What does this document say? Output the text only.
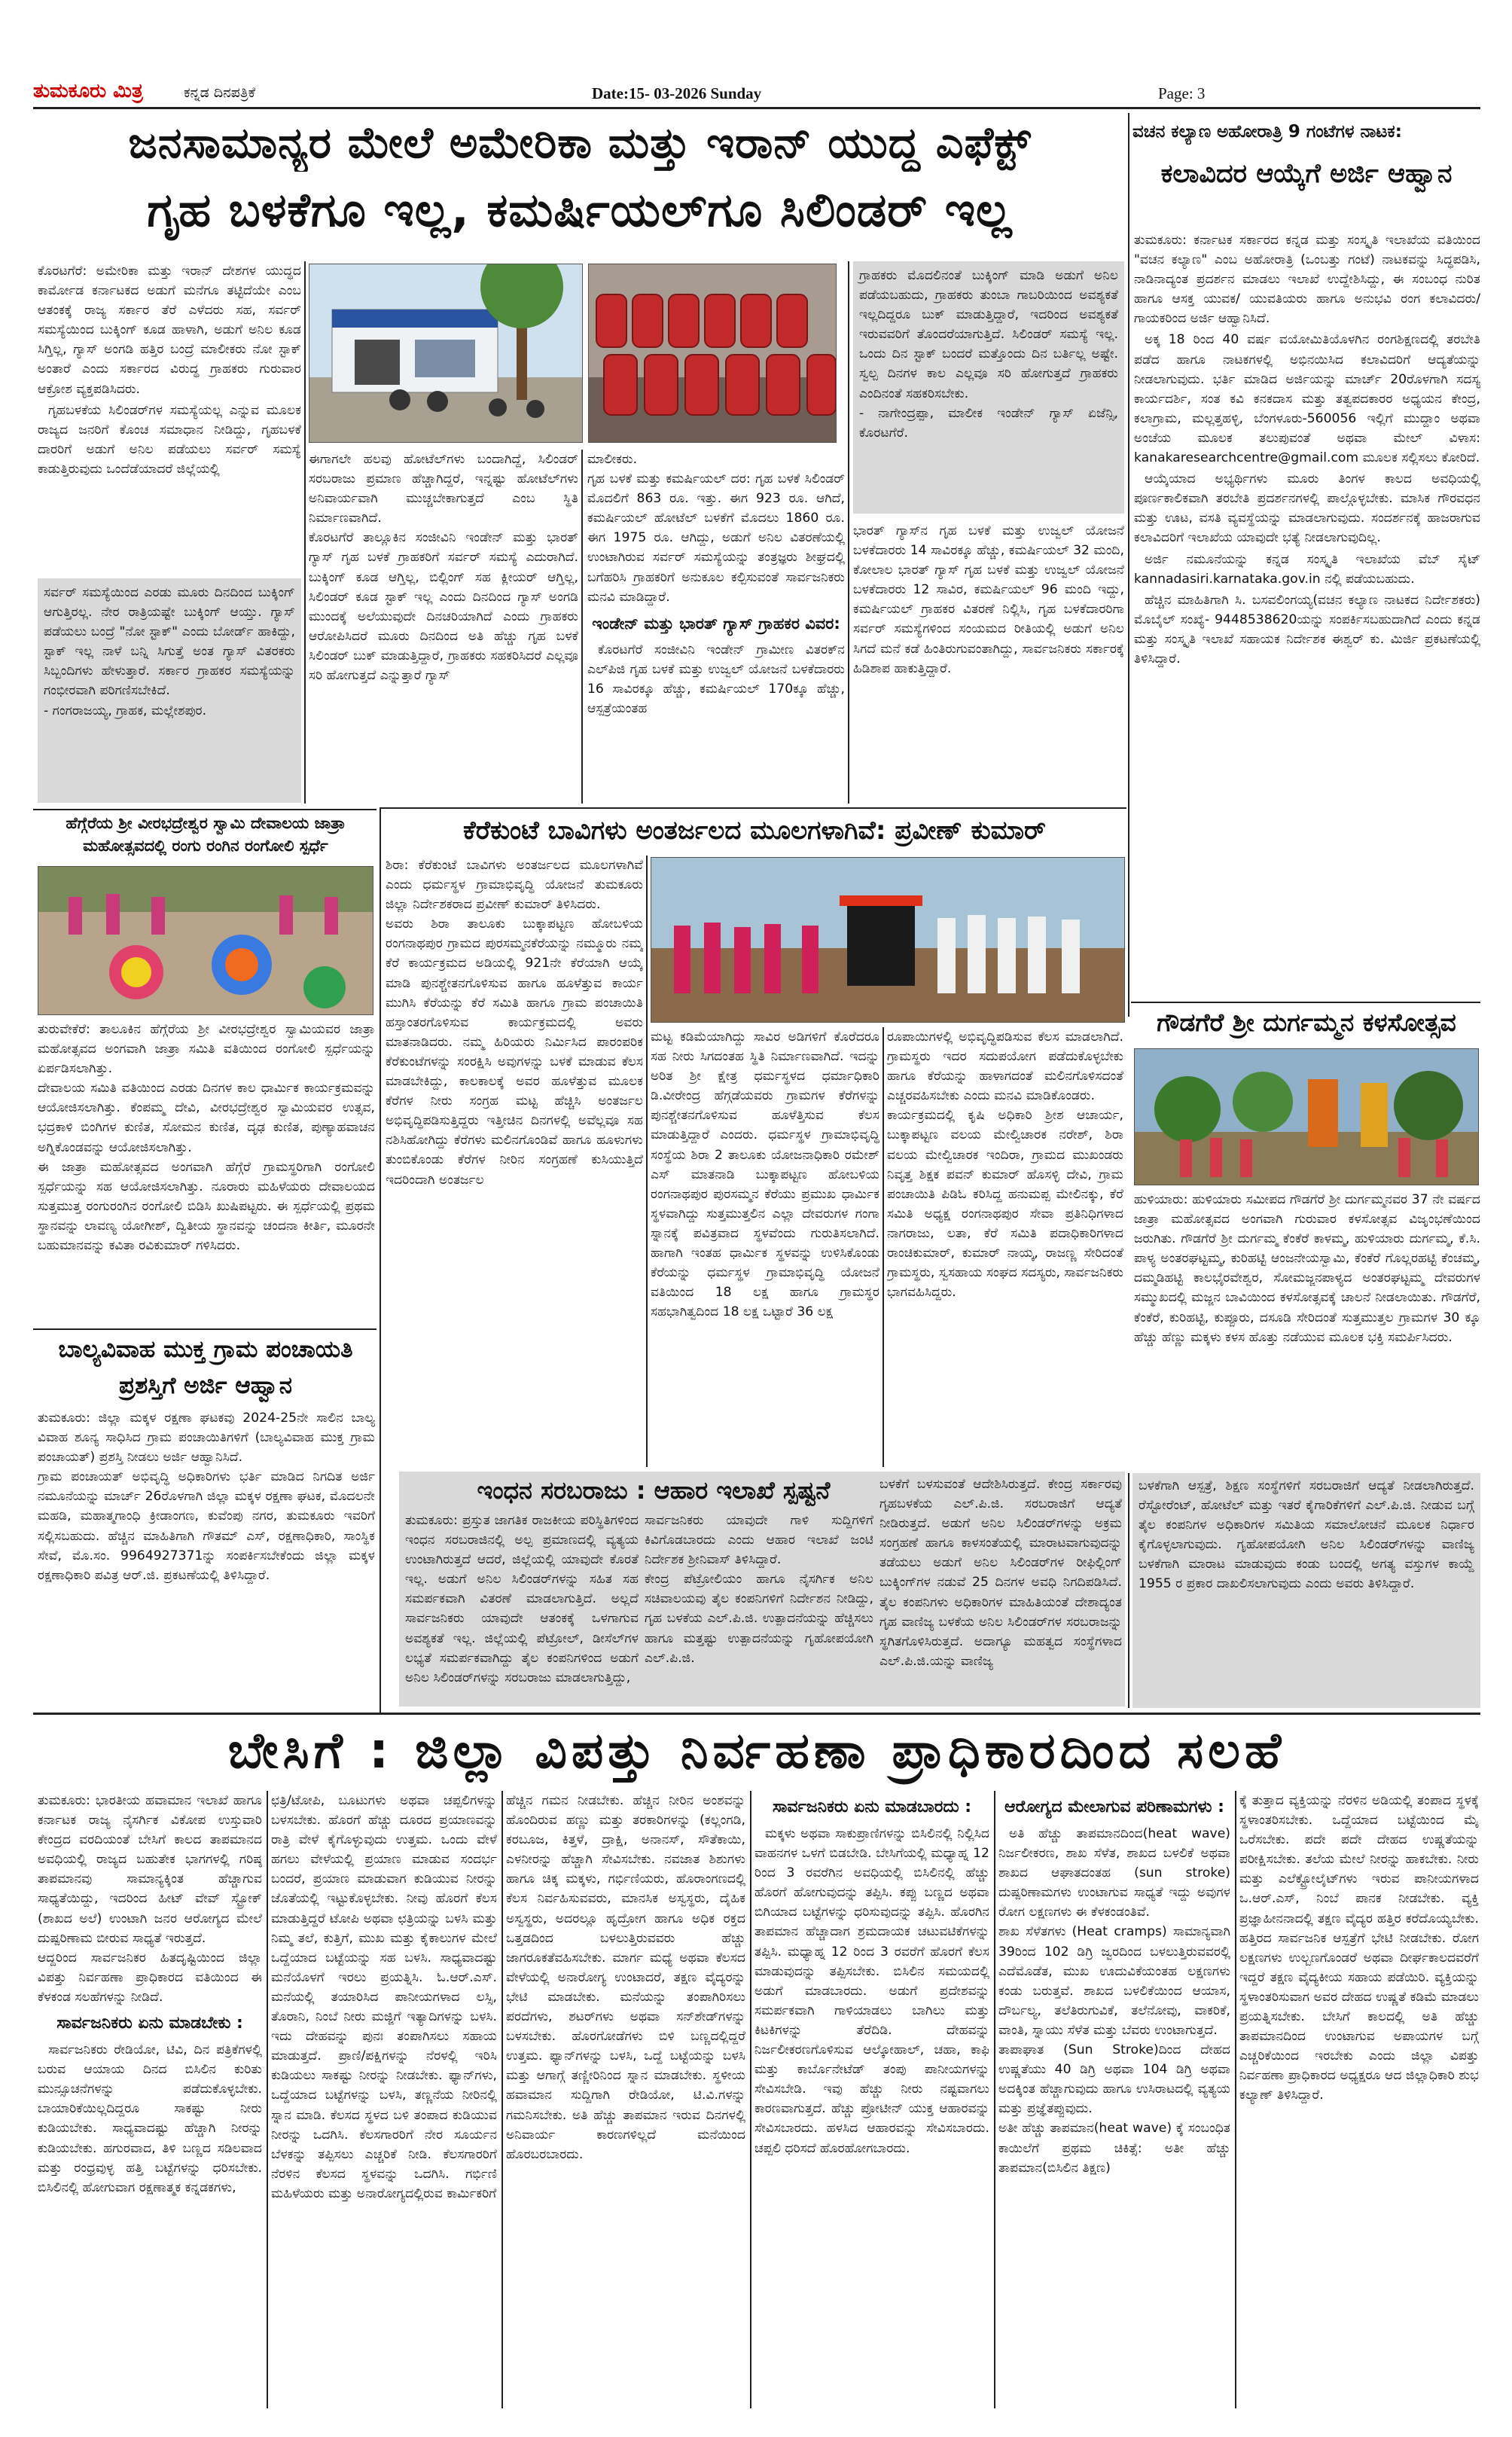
ತುಮಕೂರು ಮಿತ್ರ	ಕನ್ನಡ ದಿನಪತ್ರಿಕೆ	Date:15- 03-2026 Sunday	Page: 3
ಜನಸಾಮಾನ್ಯರ ಮೇಲೆ ಅಮೇರಿಕಾ ಮತ್ತು ಇರಾನ್ ಯುದ್ಧ ಎಫೆಕ್ಟ್
ಗೃಹ ಬಳಕೆಗೂ ಇಲ್ಲ, ಕಮರ್ಷಿಯಲ್‌ಗೂ ಸಿಲಿಂಡರ್ ಇಲ್ಲ

ಕೊರಟಗೆರೆ: ಅಮೇರಿಕಾ ಮತ್ತು ಇರಾನ್ ದೇಶಗಳ ಯುದ್ಧದ ಕಾರ್ಮೋಡ ಕರ್ನಾಟಕದ ಅಡುಗೆ ಮನೆಗೂ ತಟ್ಟಿದೆಯೇ ಎಂಬ ಆತಂಕಕ್ಕೆ ರಾಜ್ಯ ಸರ್ಕಾರ ತೆರೆ ಎಳೆದರು ಸಹ, ಸರ್ವರ್ ಸಮಸ್ಯೆಯಿಂದ ಬುಕ್ಕಿಂಗ್ ಕೂಡ ಹಾಳಾಗಿ, ಅಡುಗೆ ಅನಿಲ ಕೂಡ ಸಿಗ್ತಿಲ್ಲ, ಗ್ಯಾಸ್ ಅಂಗಡಿ ಹತ್ತಿರ ಬಂದ್ರೆ ಮಾಲೀಕರು ನೋ ಸ್ಟಾಕ್ ಅಂತಾರೆ ಎಂದು ಸರ್ಕಾರದ ವಿರುದ್ಧ ಗ್ರಾಹಕರು ಗುರುವಾರ ಆಕ್ರೋಶ ವ್ಯಕ್ತಪಡಿಸಿದರು.

ಗೃಹಬಳಕೆಯ ಸಿಲಿಂಡರ್‌ಗಳ ಸಮಸ್ಯೆಯಲ್ಲ ಎನ್ನುವ ಮೂಲಕ ರಾಜ್ಯದ ಜನರಿಗೆ ಕೊಂಚ ಸಮಾಧಾನ ನೀಡಿದ್ದು, ಗೃಹಬಳಕೆ ದಾರರಿಗೆ ಅಡುಗೆ ಅನಿಲ ಪಡೆಯಲು ಸರ್ವರ್ ಸಮಸ್ಯೆ ಕಾಡುತ್ತಿರುವುದು ಒಂದೆಡೆಯಾದರೆ ಜಿಲ್ಲೆಯಲ್ಲಿ

ಸರ್ವರ್ ಸಮಸ್ಯೆಯಿಂದ ಎರಡು ಮೂರು ದಿನದಿಂದ ಬುಕ್ಕಿಂಗ್ ಆಗುತ್ತಿರಲ್ಲ. ನೇರ ರಾತ್ರಿಯಷ್ಟೇ ಬುಕ್ಕಿಂಗ್ ಆಯ್ತು. ಗ್ಯಾಸ್ ಪಡೆಯಲು ಬಂದ್ರೆ "ನೋ ಸ್ಟಾಕ್" ಎಂದು ಬೋರ್ಡ್ ಹಾಕಿದ್ದು, ಸ್ಟಾಕ್ ಇಲ್ಲ ನಾಳೆ ಬನ್ನಿ ಸಿಗುತ್ತೆ ಅಂತ ಗ್ಯಾಸ್ ವಿತರಕರು ಸಿಬ್ಬಂದಿಗಳು ಹೇಳುತ್ತಾರೆ. ಸರ್ಕಾರ ಗ್ರಾಹಕರ ಸಮಸ್ಯೆಯನ್ನು ಗಂಭೀರವಾಗಿ ಪರಿಗಣಿಸಬೇಕಿದೆ.
- ಗಂಗರಾಜಯ್ಯ, ಗ್ರಾಹಕ, ಮಲ್ಲೇಶಪುರ.
ಈಗಾಗಲೇ ಹಲವು ಹೋಟೆಲ್‌ಗಳು ಬಂದಾಗಿದ್ದೆ, ಸಿಲಿಂಡರ್ ಸರಬರಾಜು ಪ್ರಮಾಣ ಹೆಚ್ಚಾಗಿದ್ದರೆ, ಇನ್ನಷ್ಟು ಹೋಟೆಲ್‌ಗಳು ಅನಿವಾರ್ಯವಾಗಿ ಮುಚ್ಚಬೇಕಾಗುತ್ತದೆ ಎಂಬ ಸ್ಥಿತಿ ನಿರ್ಮಾಣವಾಗಿದೆ.
ಕೊರಟಗೆರೆ ತಾಲ್ಲೂಕಿನ ಸಂಜೀವಿನಿ ಇಂಡೇನ್ ಮತ್ತು ಭಾರತ್ ಗ್ಯಾಸ್ ಗೃಹ ಬಳಕೆ ಗ್ರಾಹಕರಿಗೆ ಸರ್ವರ್ ಸಮಸ್ಯೆ ಎದುರಾಗಿದೆ. ಬುಕ್ಕಿಂಗ್ ಕೂಡ ಆಗ್ತಿಲ್ಲ, ಬಿಲ್ಲಿಂಗ್ ಸಹ ಕ್ಲೀಯರ್ ಆಗ್ತಿಲ್ಲ, ಸಿಲಿಂಡರ್ ಕೂಡ ಸ್ಟಾಕ್ ಇಲ್ಲ ಎಂದು ದಿನದಿಂದ ಗ್ಯಾಸ್ ಅಂಗಡಿ ಮುಂದಕ್ಕೆ ಅಲೆಯುವುದೇ ದಿನಚರಿಯಾಗಿದೆ ಎಂದು ಗ್ರಾಹಕರು ಆರೋಪಿಸಿದರೆ ಮೂರು ದಿನದಿಂದ ಅತಿ ಹೆಚ್ಚು ಗೃಹ ಬಳಕೆ ಸಿಲಿಂಡರ್ ಬುಕ್ ಮಾಡುತ್ತಿದ್ದಾರೆ, ಗ್ರಾಹಕರು ಸಹಕರಿಸಿದರೆ ಎಲ್ಲವೂ ಸರಿ ಹೋಗುತ್ತದೆ ಎನ್ನುತ್ತಾರೆ ಗ್ಯಾಸ್

ಮಾಲೀಕರು.
ಗೃಹ ಬಳಕೆ ಮತ್ತು ಕಮರ್ಷಿಯಲ್ ದರ: ಗೃಹ ಬಳಕೆ ಸಿಲಿಂಡರ್ ಮೊದಲಿಗೆ 863 ರೂ. ಇತ್ತು. ಈಗ 923 ರೂ. ಆಗಿದೆ, ಕಮರ್ಷಿಯಲ್ ಹೋಟೆಲ್ ಬಳಕೆಗೆ ಮೊದಲು 1860 ರೂ. ಈಗ 1975 ರೂ. ಆಗಿದ್ದು, ಅಡುಗೆ ಅನಿಲ ವಿತರಣೆಯಲ್ಲಿ ಉಂಟಾಗಿರುವ ಸರ್ವರ್ ಸಮಸ್ಯೆಯನ್ನು ತಂತ್ರಜ್ಞರು ಶೀಘ್ರದಲ್ಲಿ ಬಗೆಹರಿಸಿ ಗ್ರಾಹಕರಿಗೆ ಅನುಕೂಲ ಕಲ್ಪಿಸುವಂತೆ ಸಾರ್ವಜನಿಕರು ಮನವಿ ಮಾಡಿದ್ದಾರೆ.

ಇಂಡೇನ್ ಮತ್ತು ಭಾರತ್ ಗ್ಯಾಸ್ ಗ್ರಾಹಕರ ವಿವರ:

ಕೊರಟಗೆರೆ ಸಂಜೀವಿನಿ ಇಂಡೇನ್ ಗ್ರಾಮೀಣ ವಿತರಕ್‌ನ ಎಲ್‌ಪಿಜಿ ಗೃಹ ಬಳಕೆ ಮತ್ತು ಉಜ್ವಲ್ ಯೋಜನೆ ಬಳಕೆದಾರರು 16 ಸಾವಿರಕ್ಕೂ ಹೆಚ್ಚು, ಕಮರ್ಷಿಯಲ್ 170ಕ್ಕೂ ಹೆಚ್ಚು, ಆಸ್ಪತ್ರೆಯಂತಹ

ಗ್ರಾಹಕರು ಮೊದಲಿನಂತೆ ಬುಕ್ಕಿಂಗ್ ಮಾಡಿ ಅಡುಗೆ ಅನಿಲ ಪಡೆಯಬಹುದು, ಗ್ರಾಹಕರು ತುಂಬಾ ಗಾಬರಿಯಿಂದ ಅವಶ್ಯಕತೆ ಇಲ್ಲದಿದ್ದರೂ ಬುಕ್ ಮಾಡುತ್ತಿದ್ದಾರೆ, ಇದರಿಂದ ಅವಶ್ಯಕತೆ ಇರುವವರಿಗೆ ತೊಂದರೆಯಾಗುತ್ತಿದೆ. ಸಿಲಿಂಡರ್ ಸಮಸ್ಯೆ ಇಲ್ಲ. ಒಂದು ದಿನ ಸ್ಟಾಕ್ ಬಂದರೆ ಮತ್ತೊಂದು ದಿನ ಬರ್ತಿಲ್ಲ ಅಷ್ಟೇ. ಸ್ವಲ್ಪ ದಿನಗಳ ಕಾಲ ಎಲ್ಲವೂ ಸರಿ ಹೋಗುತ್ತದೆ ಗ್ರಾಹಕರು ಎಂದಿನಂತೆ ಸಹಕರಿಸಬೇಕು.
- ನಾಗೇಂದ್ರಪ್ಪಾ, ಮಾಲೀಕ ಇಂಡೇನ್ ಗ್ಯಾಸ್ ಏಜೆನ್ಸಿ, ಕೊರಟಗೆರೆ.
ಭಾರತ್ ಗ್ಯಾಸ್‌ನ ಗೃಹ ಬಳಕೆ ಮತ್ತು ಉಜ್ವಲ್ ಯೋಜನೆ ಬಳಕೆದಾರರು 14 ಸಾವಿರಕ್ಕೂ ಹೆಚ್ಚು, ಕಮರ್ಷಿಯಲ್ 32 ಮಂದಿ, ಕೋಲಾಲ ಭಾರತ್ ಗ್ಯಾಸ್ ಗೃಹ ಬಳಕೆ ಮತ್ತು ಉಜ್ವಲ್ ಯೋಜನೆ ಬಳಕೆದಾರರು 12 ಸಾವಿರ, ಕಮರ್ಷಿಯಲ್ 96 ಮಂದಿ ಇದ್ದು, ಕಮರ್ಷಿಯಲ್ ಗ್ರಾಹಕರ ವಿತರಣೆ ನಿಲ್ಲಿಸಿ, ಗೃಹ ಬಳಕೆದಾರರಿಗಾ ಸರ್ವರ್ ಸಮಸ್ಯೆಗಳಿಂದ ಸಂಯಮದ ರೀತಿಯಲ್ಲಿ ಅಡುಗೆ ಅನಿಲ ಸಿಗದೆ ಮನೆ ಕಡೆ ಹಿಂತಿರುಗುವಂತಾಗಿದ್ದು, ಸಾರ್ವಜನಿಕರು ಸರ್ಕಾರಕ್ಕೆ ಹಿಡಿಶಾಪ ಹಾಕುತ್ತಿದ್ದಾರೆ.
ವಚನ ಕಲ್ಯಾಣ ಅಹೋರಾತ್ರಿ 9 ಗಂಟೆಗಳ ನಾಟಕ:
ಕಲಾವಿದರ ಆಯ್ಕೆಗೆ ಅರ್ಜಿ ಆಹ್ವಾನ

ತುಮಕೂರು: ಕರ್ನಾಟಕ ಸರ್ಕಾರದ ಕನ್ನಡ ಮತ್ತು ಸಂಸ್ಕೃತಿ ಇಲಾಖೆಯ ವತಿಯಿಂದ "ವಚನ ಕಲ್ಯಾಣ" ಎಂಬ ಅಹೋರಾತ್ರಿ (ಒಂಬತ್ತು ಗಂಟೆ) ನಾಟಕವನ್ನು ಸಿದ್ಧಪಡಿಸಿ, ನಾಡಿನಾದ್ಯಂತ ಪ್ರದರ್ಶನ ಮಾಡಲು ಇಲಾಖೆ ಉದ್ದೇಶಿಸಿದ್ದು, ಈ ಸಂಬಂಧ ನುರಿತ ಹಾಗೂ ಆಸಕ್ತ ಯುವಕ/ ಯುವತಿಯರು ಹಾಗೂ ಅನುಭವಿ ರಂಗ ಕಲಾವಿದರು/ಗಾಯಕರಿಂದ ಅರ್ಜಿ ಆಹ್ವಾನಿಸಿದೆ.

ಅಕ್ಕ 18 ರಿಂದ 40 ವರ್ಷ ವಯೋಮಿತಿಯೊಳಗಿನ ರಂಗಶಿಕ್ಷಣದಲ್ಲಿ ತರಬೇತಿ ಪಡೆದ ಹಾಗೂ ನಾಟಕಗಳಲ್ಲಿ ಅಭಿನಯಿಸಿದ ಕಲಾವಿದರಿಗೆ ಆದ್ಯತೆಯನ್ನು ನೀಡಲಾಗುವುದು. ಭರ್ತಿ ಮಾಡಿದ ಅರ್ಜಿಯನ್ನು ಮಾರ್ಚ್ 20ರೊಳಗಾಗಿ ಸದಸ್ಯ ಕಾರ್ಯದರ್ಶಿ, ಸಂತ ಕವಿ ಕನಕದಾಸ ಮತ್ತು ತತ್ವಪದಕಾರರ ಅಧ್ಯಯನ ಕೇಂದ್ರ, ಕಲಾಗ್ರಾಮ, ಮಲ್ಲತ್ತಹಳ್ಳಿ, ಬೆಂಗಳೂರು-560056 ಇಲ್ಲಿಗೆ ಮುದ್ದಾಂ ಅಥವಾ ಅಂಚೆಯ ಮೂಲಕ ತಲುಪುವಂತೆ ಅಥವಾ ಮೇಲ್ ವಿಳಾಸ: kanakaresearchcentre@gmail.com ಮೂಲಕ ಸಲ್ಲಿಸಲು ಕೋರಿದೆ.

ಆಯ್ಕೆಯಾದ ಅಭ್ಯರ್ಥಿಗಳು ಮೂರು ತಿಂಗಳ ಕಾಲದ ಅವಧಿಯಲ್ಲಿ ಪೂರ್ಣಕಾಲಿಕವಾಗಿ ತರಬೇತಿ ಪ್ರದರ್ಶನಗಳಲ್ಲಿ ಪಾಲ್ಗೊಳ್ಳಬೇಕು. ಮಾಸಿಕ ಗೌರವಧನ ಮತ್ತು ಊಟ, ವಸತಿ ವ್ಯವಸ್ಥೆಯನ್ನು ಮಾಡಲಾಗುವುದು. ಸಂದರ್ಶನಕ್ಕೆ ಹಾಜರಾಗುವ ಕಲಾವಿದರಿಗೆ ಇಲಾಖೆಯ ಯಾವುದೇ ಭತ್ಯೆ ನೀಡಲಾಗುವುದಿಲ್ಲ.

ಅರ್ಜಿ ನಮೂನೆಯನ್ನು ಕನ್ನಡ ಸಂಸ್ಕೃತಿ ಇಲಾಖೆಯ ವೆಬ್ ಸೈಟ್ kannadasiri.karnataka.gov.in ನಲ್ಲಿ ಪಡೆಯಬಹುದು.

ಹೆಚ್ಚಿನ ಮಾಹಿತಿಗಾಗಿ ಸಿ. ಬಸವಲಿಂಗಯ್ಯ(ವಚನ ಕಲ್ಯಾಣ ನಾಟಕದ ನಿರ್ದೇಶಕರು) ಮೊಬೈಲ್ ಸಂಖ್ಯೆ- 9448538620ಯನ್ನು ಸಂಪರ್ಕಿಸಬಹುದಾಗಿದೆ ಎಂದು ಕನ್ನಡ ಮತ್ತು ಸಂಸ್ಕೃತಿ ಇಲಾಖೆ ಸಹಾಯಕ ನಿರ್ದೇಶಕ ಈಶ್ವರ್ ಕು. ಮಿರ್ಜಿ ಪ್ರಕಟಣೆಯಲ್ಲಿ ತಿಳಿಸಿದ್ದಾರೆ.

ಗೌಡಗೆರೆ ಶ್ರೀ ದುರ್ಗಮ್ಮನ ಕಳಸೋತ್ಸವ
ಹುಳಿಯಾರು: ಹುಳಿಯಾರು ಸಮೀಪದ ಗೌಡಗೆರೆ ಶ್ರೀ ದುರ್ಗಮ್ಮನವರ 37 ನೇ ವರ್ಷದ ಜಾತ್ರಾ ಮಹೋತ್ಸವದ ಅಂಗವಾಗಿ ಗುರುವಾರ ಕಳಸೋತ್ಸವ ವಿಜೃಂಭಣೆಯಿಂದ ಜರುಗಿತು. ಗೌಡಗೆರೆ ಶ್ರೀ ದುರ್ಗಮ್ಮ ಕೆಂಕೆರೆ ಕಾಳಮ್ಮ, ಹುಳಿಯಾರು ದುರ್ಗಮ್ಮ, ಕೆ.ಸಿ. ಪಾಳ್ಯ ಅಂತರಘಟ್ಟಮ್ಮ, ಕುರಿಹಟ್ಟಿ ಆಂಜನೇಯಸ್ವಾಮಿ, ಕೆಂಕೆರೆ ಗೊಲ್ಲರಹಟ್ಟಿ ಕೆಂಚಮ್ಮ, ದಮ್ಮಡಿಹಟ್ಟಿ ಕಾಲಭೈರವೇಶ್ವರ, ಸೋಮಜ್ಜನಪಾಳ್ಯದ ಅಂತರಘಟ್ಟಮ್ಮ ದೇವರುಗಳ ಸಮ್ಮುಖದಲ್ಲಿ ಮಜ್ಜನ ಬಾವಿಯಿಂದ ಕಳಸೋತ್ಸವಕ್ಕೆ ಚಾಲನೆ ನೀಡಲಾಯಿತು. ಗೌಡಗೆರೆ, ಕೆಂಕೆರೆ, ಕುರಿಹಟ್ಟಿ, ಕುಪ್ಪೂರು, ದಸೂಡಿ ಸೇರಿದಂತೆ ಸುತ್ತಮುತ್ತಲ ಗ್ರಾಮಗಳ 30 ಕ್ಕೂ ಹೆಚ್ಚು ಹೆಣ್ಣು ಮಕ್ಕಳು ಕಳಸ ಹೊತ್ತು ನಡೆಯುವ ಮೂಲಕ ಭಕ್ತಿ ಸಮರ್ಪಿಸಿದರು.
ಹೆಗ್ಗೆರೆಯ ಶ್ರೀ ವೀರಭದ್ರೇಶ್ವರ ಸ್ವಾಮಿ ದೇವಾಲಯ ಜಾತ್ರಾ ಮಹೋತ್ಸವದಲ್ಲಿ ರಂಗು ರಂಗಿನ ರಂಗೋಲಿ ಸ್ಪರ್ಧೆ
ತುರುವೇಕೆರೆ: ತಾಲೂಕಿನ ಹೆಗ್ಗೆರೆಯ ಶ್ರೀ ವೀರಭದ್ರೇಶ್ವರ ಸ್ವಾಮಿಯವರ ಜಾತ್ರಾ ಮಹೋತ್ಸವದ ಅಂಗವಾಗಿ ಜಾತ್ರಾ ಸಮಿತಿ ವತಿಯಿಂದ ರಂಗೋಲಿ ಸ್ಪರ್ಧೆಯನ್ನು ಏರ್ಪಡಿಸಲಾಗಿತ್ತು.
ದೇವಾಲಯ ಸಮಿತಿ ವತಿಯಿಂದ ಎರಡು ದಿನಗಳ ಕಾಲ ಧಾರ್ಮಿಕ ಕಾರ್ಯಕ್ರಮವನ್ನು ಆಯೋಜಿಸಲಾಗಿತ್ತು. ಕೆಂಪಮ್ಮ ದೇವಿ, ವೀರಭದ್ರೇಶ್ವರ ಸ್ವಾಮಿಯವರ ಉತ್ಸವ, ಭದ್ರಕಾಳಿ ಬಿಂಗಿಗಳ ಕುಣಿತ, ಸೋಮನ ಕುಣಿತ, ದೃಢ ಕುಣಿತ, ಪುಣ್ಯಾಹವಾಚನ ಅಗ್ನಿಕೊಂಡವನ್ನು ಆಯೋಜಿಸಲಾಗಿತ್ತು.
ಈ ಜಾತ್ರಾ ಮಹೋತ್ಸವದ ಅಂಗವಾಗಿ ಹೆಗ್ಗೆರೆ ಗ್ರಾಮಸ್ಥರಿಗಾಗಿ ರಂಗೋಲಿ ಸ್ಪರ್ಧೆಯನ್ನು ಸಹ ಆಯೋಜಿಸಲಾಗಿತ್ತು. ನೂರಾರು ಮಹಿಳೆಯರು ದೇವಾಲಯದ ಸುತ್ತಮುತ್ತ ರಂಗುರಂಗಿನ ರಂಗೋಲಿ ಬಿಡಿಸಿ ಖುಷಿಪಟ್ಟರು. ಈ ಸ್ಪರ್ಧೆಯಲ್ಲಿ ಪ್ರಥಮ ಸ್ಥಾನವನ್ನು ಲಾವಣ್ಯ ಯೋಗೀಶ್, ದ್ವಿತೀಯ ಸ್ಥಾನವನ್ನು ಚಂದನಾ ಕೀರ್ತಿ, ಮೂರನೇ ಬಹುಮಾನವನ್ನು ಕವಿತಾ ರವಿಕುಮಾರ್ ಗಳಿಸಿದರು.
ಬಾಲ್ಯವಿವಾಹ ಮುಕ್ತ ಗ್ರಾಮ ಪಂಚಾಯತಿ ಪ್ರಶಸ್ತಿಗೆ ಅರ್ಜಿ ಆಹ್ವಾನ
ತುಮಕೂರು: ಜಿಲ್ಲಾ ಮಕ್ಕಳ ರಕ್ಷಣಾ ಘಟಕವು 2024-25ನೇ ಸಾಲಿನ ಬಾಲ್ಯ ವಿವಾಹ ಶೂನ್ಯ ಸಾಧಿಸಿದ ಗ್ರಾಮ ಪಂಚಾಯಿತಿಗಳಿಗೆ (ಬಾಲ್ಯವಿವಾಹ ಮುಕ್ತ ಗ್ರಾಮ ಪಂಚಾಯತ್) ಪ್ರಶಸ್ತಿ ನೀಡಲು ಅರ್ಜಿ ಆಹ್ವಾನಿಸಿದೆ.
ಗ್ರಾಮ ಪಂಚಾಯತ್ ಅಭಿವೃದ್ಧಿ ಅಧಿಕಾರಿಗಳು ಭರ್ತಿ ಮಾಡಿದ ನಿಗದಿತ ಅರ್ಜಿ ನಮೂನೆಯನ್ನು ಮಾರ್ಚ್ 26ರೊಳಗಾಗಿ ಜಿಲ್ಲಾ ಮಕ್ಕಳ ರಕ್ಷಣಾ ಘಟಕ, ಮೊದಲನೇ ಮಹಡಿ, ಮಹಾತ್ಮಗಾಂಧಿ ಕ್ರೀಡಾಂಗಣ, ಕುವೆಂಪು ನಗರ, ತುಮಕೂರು ಇವರಿಗೆ ಸಲ್ಲಿಸಬಹುದು. ಹೆಚ್ಚಿನ ಮಾಹಿತಿಗಾಗಿ ಗೌತಮ್ ಎಸ್, ರಕ್ಷಣಾಧಿಕಾರಿ, ಸಾಂಸ್ಥಿಕ ಸೇವೆ, ಮೊ.ಸಂ. 9964927371ನ್ನು ಸಂಪರ್ಕಿಸಬೇಕೆಂದು ಜಿಲ್ಲಾ ಮಕ್ಕಳ ರಕ್ಷಣಾಧಿಕಾರಿ ಪವಿತ್ರ ಆರ್.ಜಿ. ಪ್ರಕಟಣೆಯಲ್ಲಿ ತಿಳಿಸಿದ್ದಾರೆ.
ಕೆರೆಕುಂಟೆ ಬಾವಿಗಳು ಅಂತರ್ಜಲದ ಮೂಲಗಳಾಗಿವೆ: ಪ್ರವೀಣ್ ಕುಮಾರ್
ಶಿರಾ: ಕೆರೆಕುಂಟೆ ಬಾವಿಗಳು ಅಂತರ್ಜಲದ ಮೂಲಗಳಾಗಿವೆ ಎಂದು ಧರ್ಮಸ್ಥಳ ಗ್ರಾಮಾಭಿವೃದ್ಧಿ ಯೋಜನೆ ತುಮಕೂರು ಜಿಲ್ಲಾ ನಿರ್ದೇಶಕರಾದ ಪ್ರವೀಣ್ ಕುಮಾರ್ ತಿಳಿಸಿದರು.
ಅವರು ಶಿರಾ ತಾಲೂಕು ಬುಕ್ಕಾಪಟ್ಟಣ ಹೋಬಳಿಯ ರಂಗನಾಥಪುರ ಗ್ರಾಮದ ಪುರಸಮ್ಮನಕೆರೆಯನ್ನು ನಮ್ಮೂರು ನಮ್ಮ ಕೆರೆ ಕಾರ್ಯಕ್ರಮದ ಅಡಿಯಲ್ಲಿ 921ನೇ ಕೆರೆಯಾಗಿ ಆಯ್ಕೆ ಮಾಡಿ ಪುನಶ್ಚೇತನಗೊಳಿಸುವ ಹಾಗೂ ಹೂಳೆತ್ತುವ ಕಾರ್ಯ ಮುಗಿಸಿ ಕೆರೆಯನ್ನು ಕೆರೆ ಸಮಿತಿ ಹಾಗೂ ಗ್ರಾಮ ಪಂಚಾಯಿತಿ ಹಸ್ತಾಂತರಗೊಳಿಸುವ ಕಾರ್ಯಕ್ರಮದಲ್ಲಿ ಅವರು ಮಾತನಾಡಿದರು. ನಮ್ಮ ಹಿರಿಯರು ನಿರ್ಮಿಸಿದ ಪಾರಂಪರಿಕ ಕೆರೆಕುಂಟೆಗಳನ್ನು ಸಂರಕ್ಷಿಸಿ ಅವುಗಳನ್ನು ಬಳಕೆ ಮಾಡುವ ಕೆಲಸ ಮಾಡಬೇಕಿದ್ದು, ಕಾಲಕಾಲಕ್ಕೆ ಅವರ ಹೂಳೆತ್ತುವ ಮೂಲಕ ಕೆರೆಗಳ ನೀರು ಸಂಗ್ರಹ ಮಟ್ಟ ಹೆಚ್ಚಿಸಿ ಅಂತರ್ಜಲ ಅಭಿವೃದ್ಧಿಪಡಿಸುತ್ತಿದ್ದರು ಇತ್ತೀಚಿನ ದಿನಗಳಲ್ಲಿ ಅವೆಲ್ಲವೂ ಸಹ ನಶಿಸಿಹೋಗಿದ್ದು ಕೆರೆಗಳು ಮಲಿನಗೊಂಡಿವೆ ಹಾಗೂ ಹೂಳುಗಳು ತುಂಬಿಕೊಂಡು ಕೆರೆಗಳ ನೀರಿನ ಸಂಗ್ರಹಣೆ ಕುಸಿಯುತ್ತಿದೆ ಇದರಿಂದಾಗಿ ಅಂತರ್ಜಲ
ಮಟ್ಟ ಕಡಿಮೆಯಾಗಿದ್ದು ಸಾವಿರ ಅಡಿಗಳಿಗೆ ಕೊರೆದರೂ ಸಹ ನೀರು ಸಿಗದಂತಹ ಸ್ಥಿತಿ ನಿರ್ಮಾಣವಾಗಿದೆ. ಇದನ್ನು ಅರಿತ ಶ್ರೀ ಕ್ಷೇತ್ರ ಧರ್ಮಸ್ಥಳದ ಧರ್ಮಾಧಿಕಾರಿ ಡಿ.ವೀರೇಂದ್ರ ಹೆಗ್ಗಡೆಯವರು ಗ್ರಾಮಗಳ ಕೆರೆಗಳನ್ನು ಪುನಶ್ಚೇತನಗೊಳಿಸುವ ಹೂಳೆತ್ತಿಸುವ ಕೆಲಸ ಮಾಡುತ್ತಿದ್ದಾರೆ ಎಂದರು. ಧರ್ಮಸ್ಥಳ ಗ್ರಾಮಾಭಿವೃದ್ಧಿ ಸಂಸ್ಥೆಯ ಶಿರಾ 2 ತಾಲೂಕು ಯೋಜನಾಧಿಕಾರಿ ರಮೇಶ್ ಎಸ್ ಮಾತನಾಡಿ ಬುಕ್ಕಾಪಟ್ಟಣ ಹೋಬಳಿಯ ರಂಗನಾಥಪುರ ಪುರಸಮ್ಮನ ಕೆರೆಯು ಪ್ರಮುಖ ಧಾರ್ಮಿಕ ಸ್ಥಳವಾಗಿದ್ದು ಸುತ್ತಮುತ್ತಲಿನ ಎಲ್ಲಾ ದೇವರುಗಳ ಗಂಗಾ ಸ್ನಾನಕ್ಕೆ ಪವಿತ್ರವಾದ ಸ್ಥಳವೆಂದು ಗುರುತಿಸಲಾಗಿದೆ. ಹಾಗಾಗಿ ಇಂತಹ ಧಾರ್ಮಿಕ ಸ್ಥಳವನ್ನು ಉಳಿಸಿಕೊಂಡು ಕೆರೆಯನ್ನು ಧರ್ಮಸ್ಥಳ ಗ್ರಾಮಾಭಿವೃದ್ಧಿ ಯೋಜನೆ ವತಿಯಿಂದ 18 ಲಕ್ಷ ಹಾಗೂ ಗ್ರಾಮಸ್ಥರ ಸಹಭಾಗಿತ್ವದಿಂದ 18 ಲಕ್ಷ ಒಟ್ಟಾರೆ 36 ಲಕ್ಷ
ರೂಪಾಯಿಗಳಲ್ಲಿ ಅಭಿವೃದ್ಧಿಪಡಿಸುವ ಕೆಲಸ ಮಾಡಲಾಗಿದೆ. ಗ್ರಾಮಸ್ಥರು ಇದರ ಸದುಪಯೋಗ ಪಡೆದುಕೊಳ್ಳಬೇಕು ಹಾಗೂ ಕೆರೆಯನ್ನು ಹಾಳಾಗದಂತೆ ಮಲಿನಗೊಳಿಸದಂತೆ ಎಚ್ಚರವಹಿಸಬೇಕು ಎಂದು ಮನವಿ ಮಾಡಿಕೊಂಡರು.
ಕಾರ್ಯಕ್ರಮದಲ್ಲಿ ಕೃಷಿ ಅಧಿಕಾರಿ ಶ್ರೀಶ ಆಚಾರ್ಯ, ಬುಕ್ಕಾಪಟ್ಟಣ ವಲಯ ಮೇಲ್ವಿಚಾರಕ ನರೇಶ್, ಶಿರಾ ವಲಯ ಮೇಲ್ವಿಚಾರಕ ಇಂದಿರಾ, ಗ್ರಾಮದ ಮುಖಂಡರು ನಿವೃತ್ತ ಶಿಕ್ಷಕ ಪವನ್ ಕುಮಾರ್ ಹೊಸಳ್ಳಿ ದೇವಿ, ಗ್ರಾಮ ಪಂಚಾಯಿತಿ ಪಿಡಿಓ ಕರಿಸಿದ್ದ ಹನುಮಪ್ಪ ಮೇಲಿನಕ್ಕು, ಕೆರೆ ಸಮಿತಿ ಅಧ್ಯಕ್ಷ ರಂಗನಾಥಪುರ ಸೇವಾ ಪ್ರತಿನಿಧಿಗಳಾದ ನಾಗರಾಜು, ಲತಾ, ಕೆರೆ ಸಮಿತಿ ಪದಾಧಿಕಾರಿಗಳಾದ ರಾಂಚಿಕುಮಾರ್, ಕುಮಾರ್ ನಾಯ್ಕ, ರಾಜಣ್ಣ ಸೇರಿದಂತೆ ಗ್ರಾಮಸ್ಥರು, ಸ್ವಸಹಾಯ ಸಂಘದ ಸದಸ್ಯರು, ಸಾರ್ವಜನಿಕರು ಭಾಗವಹಿಸಿದ್ದರು.
ಇಂಧನ ಸರಬರಾಜು : ಆಹಾರ ಇಲಾಖೆ ಸ್ಪಷ್ಟನೆ
ತುಮಕೂರು: ಪ್ರಸ್ತುತ ಜಾಗತಿಕ ರಾಜಕೀಯ ಪರಿಸ್ಥಿತಿಗಳಿಂದ ಇಂಧನ ಸರಬರಾಜಿನಲ್ಲಿ ಅಲ್ಪ ಪ್ರಮಾಣದಲ್ಲಿ ವ್ಯತ್ಯಯ ಉಂಟಾಗಿರುತ್ತದೆ ಆದರೆ, ಜಿಲ್ಲೆಯಲ್ಲಿ ಯಾವುದೇ ಕೊರತೆ ಇಲ್ಲ. ಅಡುಗೆ ಅನಿಲ ಸಿಲಿಂಡರ್‌ಗಳನ್ನು ಸಹಿತ ಸಹ ಸಮರ್ಪಕವಾಗಿ ವಿತರಣೆ ಮಾಡಲಾಗುತ್ತಿದೆ. ಅಲ್ಲದೆ ಸಾರ್ವಜನಿಕರು ಯಾವುದೇ ಆತಂಕಕ್ಕೆ ಒಳಗಾಗುವ ಅವಶ್ಯಕತೆ ಇಲ್ಲ. ಜಿಲ್ಲೆಯಲ್ಲಿ ಪೆಟ್ರೋಲ್, ಡೀಸೆಲ್‌ಗಳ ಲಭ್ಯತೆ ಸಮರ್ಪಕವಾಗಿದ್ದು ತೈಲ ಕಂಪನಿಗಳಿಂದ ಅಡುಗೆ ಅನಿಲ ಸಿಲಿಂಡರ್‌ಗಳನ್ನು ಸರಬರಾಜು ಮಾಡಲಾಗುತ್ತಿದ್ದು,
ಸಾರ್ವಜನಿಕರು ಯಾವುದೇ ಗಾಳಿ ಸುದ್ದಿಗಳಿಗೆ ಕಿವಿಗೊಡಬಾರದು ಎಂದು ಆಹಾರ ಇಲಾಖೆ ಜಂಟಿ ನಿರ್ದೇಶಕ ಶ್ರೀನಿವಾಸ್ ತಿಳಿಸಿದ್ದಾರೆ.
ಕೇಂದ್ರ ಪೆಟ್ರೋಲಿಯಂ ಹಾಗೂ ನೈಸರ್ಗಿಕ ಅನಿಲ ಸಚಿವಾಲಯವು ತೈಲ ಕಂಪನಿಗಳಿಗೆ ನಿರ್ದೇಶನ ನೀಡಿದ್ದು, ಗೃಹ ಬಳಕೆಯ ಎಲ್.ಪಿ.ಜಿ. ಉತ್ಪಾದನೆಯನ್ನು ಹೆಚ್ಚಿಸಲು ಹಾಗೂ ಮತ್ತಷ್ಟು ಉತ್ಪಾದನೆಯನ್ನು ಗೃಹೋಪಯೋಗಿ ಎಲ್.ಪಿ.ಜಿ.
ಬಳಕೆಗೆ ಬಳಸುವಂತೆ ಆದೇಶಿಸಿರುತ್ತದೆ. ಕೇಂದ್ರ ಸರ್ಕಾರವು ಗೃಹಬಳಕೆಯ ಎಲ್.ಪಿ.ಜಿ. ಸರಬರಾಜಿಗೆ ಆದ್ಯತೆ ನೀಡಿರುತ್ತದೆ. ಅಡುಗೆ ಅನಿಲ ಸಿಲಿಂಡರ್‌ಗಳನ್ನು ಅಕ್ರಮ ಸಂಗ್ರಹಣೆ ಹಾಗೂ ಕಾಳಸಂತೆಯಲ್ಲಿ ಮಾರಾಟವಾಗುವುದನ್ನು ತಡೆಯಲು ಅಡುಗೆ ಅನಿಲ ಸಿಲಿಂಡರ್‌ಗಳ ರೀಫಿಲ್ಲಿಂಗ್ ಬುಕ್ಕಿಂಗ್‌ಗಳ ನಡುವೆ 25 ದಿನಗಳ ಅವಧಿ ನಿಗದಿಪಡಿಸಿದೆ. ತೈಲ ಕಂಪನಿಗಳು ಅಧಿಕಾರಿಗಳ ಮಾಹಿತಿಯಂತೆ ದೇಶಾದ್ಯಂತ ಗೃಹ ವಾಣಿಜ್ಯ ಬಳಕೆಯ ಅನಿಲ ಸಿಲಿಂಡರ್‌ಗಳ ಸರಬರಾಜನ್ನು ಸ್ಥಗಿತಗೊಳಿಸಿರುತ್ತದೆ. ಅದಾಗ್ಯೂ ಮಹತ್ವದ ಸಂಸ್ಥೆಗಳಾದ ಎಲ್.ಪಿ.ಜಿ.ಯನ್ನು ವಾಣಿಜ್ಯ
ಬಳಕೆಗಾಗಿ ಆಸ್ಪತ್ರೆ, ಶಿಕ್ಷಣ ಸಂಸ್ಥೆಗಳಿಗೆ ಸರಬರಾಜಿಗೆ ಆದ್ಯತೆ ನೀಡಲಾಗಿರುತ್ತದೆ. ರೆಸ್ಟೋರೆಂಟ್, ಹೋಟೆಲ್ ಮತ್ತು ಇತರೆ ಕೈಗಾರಿಕೆಗಳಿಗೆ ಎಲ್.ಪಿ.ಜಿ. ನೀಡುವ ಬಗ್ಗೆ ತೈಲ ಕಂಪನಿಗಳ ಅಧಿಕಾರಿಗಳ ಸಮಿತಿಯ ಸಮಾಲೋಚನೆ ಮೂಲಕ ನಿರ್ಧಾರ ಕೈಗೊಳ್ಳಲಾಗುವುದು. ಗೃಹೋಪಯೋಗಿ ಅನಿಲ ಸಿಲಿಂಡರ್‌ಗಳನ್ನು ವಾಣಿಜ್ಯ ಬಳಕೆಗಾಗಿ ಮಾರಾಟ ಮಾಡುವುದು ಕಂಡು ಬಂದಲ್ಲಿ ಅಗತ್ಯ ವಸ್ತುಗಳ ಕಾಯ್ದೆ 1955 ರ ಪ್ರಕಾರ ದಾಖಲಿಸಲಾಗುವುದು ಎಂದು ಅವರು ತಿಳಿಸಿದ್ದಾರೆ.
ಬೇಸಿಗೆ : ಜಿಲ್ಲಾ ವಿಪತ್ತು ನಿರ್ವಹಣಾ ಪ್ರಾಧಿಕಾರದಿಂದ ಸಲಹೆ

ತುಮಕೂರು: ಭಾರತೀಯ ಹವಾಮಾನ ಇಲಾಖೆ ಹಾಗೂ ಕರ್ನಾಟಕ ರಾಜ್ಯ ನೈಸರ್ಗಿಕ ವಿಕೋಪ ಉಸ್ತುವಾರಿ ಕೇಂದ್ರದ ವರದಿಯಂತೆ ಬೇಸಿಗೆ ಕಾಲದ ತಾಪಮಾನದ ಅವಧಿಯಲ್ಲಿ ರಾಜ್ಯದ ಬಹುತೇಕ ಭಾಗಗಳಲ್ಲಿ ಗರಿಷ್ಠ ತಾಪಮಾನವು ಸಾಮಾನ್ಯಕ್ಕಿಂತ ಹೆಚ್ಚಾಗುವ ಸಾಧ್ಯತೆಯಿದ್ದು, ಇದರಿಂದ ಹೀಟ್ ವೇವ್ ಸ್ಟ್ರೋಕ್ (ಶಾಖದ ಅಲೆ) ಉಂಟಾಗಿ ಜನರ ಆರೋಗ್ಯದ ಮೇಲೆ ದುಷ್ಪರಿಣಾಮ ಬೀರುವ ಸಾಧ್ಯತೆ ಇರುತ್ತದೆ.
ಆದ್ದರಿಂದ ಸಾರ್ವಜನಿಕರ ಹಿತದೃಷ್ಟಿಯಿಂದ ಜಿಲ್ಲಾ ವಿಪತ್ತು ನಿರ್ವಹಣಾ ಪ್ರಾಧಿಕಾರದ ವತಿಯಿಂದ ಈ ಕೆಳಕಂಡ ಸಲಹೆಗಳನ್ನು ನೀಡಿದೆ.

ಸಾರ್ವಜನಿಕರು ಏನು ಮಾಡಬೇಕು :

ಸಾರ್ವಜನಿಕರು ರೇಡಿಯೋ, ಟಿವಿ, ದಿನ ಪತ್ರಿಕೆಗಳಲ್ಲಿ ಬರುವ ಆಯಾಯ ದಿನದ ಬಿಸಿಲಿನ ಕುರಿತು ಮುನ್ಸೂಚನೆಗಳನ್ನು ಪಡೆದುಕೊಳ್ಳಬೇಕು. ಬಾಯಾರಿಕೆಯಿಲ್ಲದಿದ್ದರೂ ಸಾಕಷ್ಟು ನೀರು ಕುಡಿಯಬೇಕು. ಸಾಧ್ಯವಾದಷ್ಟು ಹೆಚ್ಚಾಗಿ ನೀರನ್ನು ಕುಡಿಯಬೇಕು. ಹಗುರವಾದ, ತಿಳಿ ಬಣ್ಣದ ಸಡಿಲವಾದ ಮತ್ತು ರಂಧ್ರವುಳ್ಳ ಹತ್ತಿ ಬಟ್ಟೆಗಳನ್ನು ಧರಿಸಬೇಕು. ಬಿಸಿಲಿನಲ್ಲಿ ಹೋಗುವಾಗ ರಕ್ಷಣಾತ್ಮಕ ಕನ್ನಡಕಗಳು,

ಛತ್ರಿ/ಟೋಪಿ, ಬೂಟುಗಳು ಅಥವಾ ಚಪ್ಪಲಿಗಳನ್ನು ಬಳಸಬೇಕು. ಹೊರಗೆ ಹೆಚ್ಚು ದೂರದ ಪ್ರಯಾಣವನ್ನು ರಾತ್ರಿ ವೇಳೆ ಕೈಗೊಳ್ಳುವುದು ಉತ್ತಮ. ಒಂದು ವೇಳೆ ಹಗಲು ವೇಳೆಯಲ್ಲಿ ಪ್ರಯಾಣ ಮಾಡುವ ಸಂದರ್ಭ ಬಂದರೆ, ಪ್ರಯಾಣ ಮಾಡುವಾಗ ಕುಡಿಯುವ ನೀರನ್ನು ಜೊತೆಯಲ್ಲಿ ಇಟ್ಟುಕೊಳ್ಳಬೇಕು. ನೀವು ಹೊರಗೆ ಕೆಲಸ ಮಾಡುತ್ತಿದ್ದರೆ ಟೋಪಿ ಅಥವಾ ಛತ್ರಿಯನ್ನು ಬಳಸಿ ಮತ್ತು ನಿಮ್ಮ ತಲೆ, ಕುತ್ತಿಗೆ, ಮುಖ ಮತ್ತು ಕೈಕಾಲುಗಳ ಮೇಲೆ ಒದ್ದೆಯಾದ ಬಟ್ಟೆಯನ್ನು ಸಹ ಬಳಸಿ. ಸಾಧ್ಯವಾದಷ್ಟು ಮನೆಯೊಳಗೆ ಇರಲು ಪ್ರಯತ್ನಿಸಿ. ಓ.ಆರ್.ಎಸ್. ಮನೆಯಲ್ಲಿ ತಯಾರಿಸಿದ ಪಾನೀಯಗಳಾದ ಲಸ್ಸಿ, ತೊರಾನಿ, ನಿಂಬೆ ನೀರು ಮಜ್ಜಿಗೆ ಇತ್ಯಾದಿಗಳನ್ನು ಬಳಸಿ. ಇದು ದೇಹವನ್ನು ಪುನಃ ತಂಪಾಗಿಸಲು ಸಹಾಯ ಮಾಡುತ್ತದೆ. ಪ್ರಾಣಿ/ಪಕ್ಷಿಗಳನ್ನು ನೆರಳಲ್ಲಿ ಇರಿಸಿ ಕುಡಿಯಲು ಸಾಕಷ್ಟು ನೀರನ್ನು ನೀಡಬೇಕು. ಫ್ಯಾನ್‌ಗಳು, ಒದ್ದೆಯಾದ ಬಟ್ಟೆಗಳನ್ನು ಬಳಸಿ, ತಣ್ಣನೆಯ ನೀರಿನಲ್ಲಿ ಸ್ನಾನ ಮಾಡಿ. ಕೆಲಸದ ಸ್ಥಳದ ಬಳಿ ತಂಪಾದ ಕುಡಿಯುವ ನೀರನ್ನು ಒದಗಿಸಿ. ಕೆಲಸಗಾರರಿಗೆ ನೇರ ಸೂರ್ಯನ ಬೆಳಕನ್ನು ತಪ್ಪಿಸಲು ಎಚ್ಚರಿಕೆ ನೀಡಿ. ಕೆಲಸಗಾರರಿಗೆ ನೆರಳಿನ ಕೆಲಸದ ಸ್ಥಳವನ್ನು ಒದಗಿಸಿ. ಗರ್ಭಿಣಿ ಮಹಿಳೆಯರು ಮತ್ತು ಅನಾರೋಗ್ಯದಲ್ಲಿರುವ ಕಾರ್ಮಿಕರಿಗೆ
ಹೆಚ್ಚಿನ ಗಮನ ನೀಡಬೇಕು. ಹೆಚ್ಚಿನ ನೀರಿನ ಅಂಶವನ್ನು ಹೊಂದಿರುವ ಹಣ್ಣು ಮತ್ತು ತರಕಾರಿಗಳನ್ನು (ಕಲ್ಲಂಗಡಿ, ಕರಬೂಜ, ಕಿತ್ತಳೆ, ದ್ರಾಕ್ಷಿ, ಅನಾನಸ್, ಸೌತೆಕಾಯಿ, ಎಳನೀರನ್ನು ಹೆಚ್ಚಾಗಿ ಸೇವಿಸಬೇಕು. ನವಜಾತ ಶಿಶುಗಳು ಹಾಗೂ ಚಿಕ್ಕ ಮಕ್ಕಳು, ಗರ್ಭಿಣಿಯರು, ಹೊರಾಂಗಣದಲ್ಲಿ ಕೆಲಸ ನಿರ್ವಹಿಸುವವರು, ಮಾನಸಿಕ ಅಸ್ವಸ್ಥರು, ದೈಹಿಕ ಅಸ್ವಸ್ಥರು, ಅದರಲ್ಲೂ ಹೃದ್ರೋಗ ಹಾಗೂ ಅಧಿಕ ರಕ್ತದ ಒತ್ತಡದಿಂದ ಬಳಲುತ್ತಿರುವವರು ಹೆಚ್ಚು ಜಾಗರೂಕತೆವಹಿಸಬೇಕು. ಮಾರ್ಗ ಮಧ್ಯೆ ಅಥವಾ ಕೆಲಸದ ವೇಳೆಯಲ್ಲಿ ಅನಾರೋಗ್ಯ ಉಂಟಾದರೆ, ತಕ್ಷಣ ವೈದ್ಯರನ್ನು ಭೇಟಿ ಮಾಡಬೇಕು. ಮನೆಯನ್ನು ತಂಪಾಗಿರಿಸಲು ಪರದೆಗಳು, ಶಟರ್‌ಗಳು ಅಥವಾ ಸನ್‌ಶೇಡ್‌ಗಳನ್ನು ಬಳಸಬೇಕು. ಹೊರಗೋಡೆಗಳು ಬಿಳಿ ಬಣ್ಣದಲ್ಲಿದ್ದರೆ ಉತ್ತಮ. ಫ್ಯಾನ್‌ಗಳನ್ನು ಬಳಸಿ, ಒದ್ದೆ ಬಟ್ಟೆಯನ್ನು ಬಳಸಿ ಮತ್ತು ಆಗಾಗ್ಗೆ ತಣ್ಣೀರಿನಿಂದ ಸ್ನಾನ ಮಾಡಬೇಕು. ಸ್ಥಳೀಯ ಹವಾಮಾನ ಸುದ್ದಿಗಾಗಿ ರೇಡಿಯೋ, ಟಿ.ವಿ.ಗಳನ್ನು ಗಮನಿಸಬೇಕು. ಅತಿ ಹೆಚ್ಚು ತಾಪಮಾನ ಇರುವ ದಿನಗಳಲ್ಲಿ ಅನಿವಾರ್ಯ ಕಾರಣಗಳಿಲ್ಲದೆ ಮನೆಯಿಂದ ಹೊರಬರಬಾರದು.
ಸಾರ್ವಜನಿಕರು ಏನು ಮಾಡಬಾರದು :

ಮಕ್ಕಳು ಅಥವಾ ಸಾಕುಪ್ರಾಣಿಗಳನ್ನು ಬಿಸಿಲಿನಲ್ಲಿ ನಿಲ್ಲಿಸಿದ ವಾಹನಗಳ ಒಳಗೆ ಬಿಡಬೇಡಿ. ಬೇಸಿಗೆಯಲ್ಲಿ ಮಧ್ಯಾಹ್ನ 12 ರಿಂದ 3 ರವರೆಗಿನ ಅವಧಿಯಲ್ಲಿ ಬಿಸಿಲಿನಲ್ಲಿ ಹೆಚ್ಚು ಹೊರಗೆ ಹೋಗುವುದನ್ನು ತಪ್ಪಿಸಿ. ಕಪ್ಪು ಬಣ್ಣದ ಅಥವಾ ಬಿಗಿಯಾದ ಬಟ್ಟೆಗಳನ್ನು ಧರಿಸುವುದನ್ನು ತಪ್ಪಿಸಿ. ಹೊರಗಿನ ತಾಪಮಾನ ಹೆಚ್ಚಾದಾಗ ಶ್ರಮದಾಯಕ ಚಟುವಟಿಕೆಗಳನ್ನು ತಪ್ಪಿಸಿ. ಮಧ್ಯಾಹ್ನ 12 ರಿಂದ 3 ರವರೆಗೆ ಹೊರಗೆ ಕೆಲಸ ಮಾಡುವುದನ್ನು ತಪ್ಪಿಸಬೇಕು. ಬಿಸಿಲಿನ ಸಮಯದಲ್ಲಿ ಅಡುಗೆ ಮಾಡಬಾರದು. ಅಡುಗೆ ಪ್ರದೇಶವನ್ನು ಸಮರ್ಪಕವಾಗಿ ಗಾಳಿಯಾಡಲು ಬಾಗಿಲು ಮತ್ತು ಕಿಟಕಿಗಳನ್ನು ತೆರೆದಿಡಿ. ದೇಹವನ್ನು ನಿರ್ಜಲೀಕರಣಗೊಳಿಸುವ ಆಲ್ಕೋಹಾಲ್, ಚಹಾ, ಕಾಫಿ ಮತ್ತು ಕಾರ್ಬೊನೇಟೆಡ್ ತಂಪು ಪಾನೀಯಗಳನ್ನು ಸೇವಿಸಬೇಡಿ. ಇವು ಹೆಚ್ಚು ನೀರು ನಷ್ಟವಾಗಲು ಕಾರಣವಾಗುತ್ತದೆ. ಹೆಚ್ಚು ಪ್ರೋಟೀನ್ ಯುಕ್ತ ಆಹಾರವನ್ನು ಸೇವಿಸಬಾರದು. ಹಳಸಿದ ಆಹಾರವನ್ನು ಸೇವಿಸಬಾರದು. ಚಪ್ಪಲಿ ಧರಿಸದೆ ಹೊರಹೋಗಬಾರದು.

ಆರೋಗ್ಯದ ಮೇಲಾಗುವ ಪರಿಣಾಮಗಳು :

ಅತಿ ಹೆಚ್ಚು ತಾಪಮಾನದಿಂದ(heat wave) ನಿರ್ಜಲೀಕರಣ, ಶಾಖ ಸೆಳೆತ, ಶಾಖದ ಬಳಲಿಕೆ ಅಥವಾ ಶಾಖದ ಆಘಾತದಂತಹ (sun stroke) ದುಷ್ಪರಿಣಾಮಗಳು ಉಂಟಾಗುವ ಸಾಧ್ಯತೆ ಇದ್ದು ಅವುಗಳ ರೋಗ ಲಕ್ಷಣಗಳು ಈ ಕೆಳಕಂಡಂತಿವೆ.
ಶಾಖ ಸೆಳೆತಗಳು (Heat cramps) ಸಾಮಾನ್ಯವಾಗಿ 39ರಿಂದ 102 ಡಿಗ್ರಿ ಜ್ವರದಿಂದ ಬಳಲುತ್ತಿರುವವರಲ್ಲಿ ಎದೆಮೊಡೆತ, ಮುಖ ಊದುವಿಕೆಯಂತಹ ಲಕ್ಷಣಗಳು ಕಂಡು ಬರುತ್ತವೆ. ಶಾಖದ ಬಳಲಿಕೆಯಿಂದ ಆಯಾಸ, ದೌರ್ಬಲ್ಯ, ತಲೆತಿರುಗುವಿಕೆ, ತಲೆನೋವು, ವಾಕರಿಕೆ, ವಾಂತಿ, ಸ್ನಾಯು ಸೆಳೆತ ಮತ್ತು ಬೆವರು ಉಂಟಾಗುತ್ತದೆ.
ತಾಪಾಘಾತ (Sun Stroke)ದಿಂದ ದೇಹದ ಉಷ್ಣತೆಯು 40 ಡಿಗ್ರಿ ಅಥವಾ 104 ಡಿಗ್ರಿ ಅಥವಾ ಅದಕ್ಕಿಂತ ಹೆಚ್ಚಾಗುವುದು ಹಾಗೂ ಉಸಿರಾಟದಲ್ಲಿ ವ್ಯತ್ಯಯ ಮತ್ತು ಪ್ರಜ್ಞೆತಪ್ಪುವುದು.
ಅತೀ ಹೆಚ್ಚು ತಾಪಮಾನ(heat wave) ಕ್ಕೆ ಸಂಬಂಧಿತ ಕಾಯಿಲೆಗೆ ಪ್ರಥಮ ಚಿಕಿತ್ಸೆ: ಅತೀ ಹೆಚ್ಚು ತಾಪಮಾನ(ಬಿಸಿಲಿನ ತಿಕ್ಷಣ)

ಕ್ಕೆ ತುತ್ತಾದ ವ್ಯಕ್ತಿಯನ್ನು ನೆರಳಿನ ಅಡಿಯಲ್ಲಿ ತಂಪಾದ ಸ್ಥಳಕ್ಕೆ ಸ್ಥಳಾಂತರಿಸಬೇಕು. ಒದ್ದೆಯಾದ ಬಟ್ಟೆಯಿಂದ ಮೈ ಒರೆಸಬೇಕು. ಪದೇ ಪದೇ ದೇಹದ ಉಷ್ಣತೆಯನ್ನು ಪರೀಕ್ಷಿಸಬೇಕು. ತಲೆಯ ಮೇಲೆ ನೀರನ್ನು ಹಾಕಬೇಕು. ನೀರು ಮತ್ತು ಎಲೆಕ್ಟ್ರೋಲೈಟ್‌ಗಳು ಇರುವ ಪಾನೀಯಗಳಾದ ಒ.ಆರ್.ಎಸ್, ನಿಂಬೆ ಪಾನಕ ನೀಡಬೇಕು. ವ್ಯಕ್ತಿ ಪ್ರಜ್ಞಾಹೀನನಾದಲ್ಲಿ ತಕ್ಷಣ ವೈದ್ಯರ ಹತ್ತಿರ ಕರೆದೊಯ್ಯಬೇಕು. ಹತ್ತಿರದ ಸಾರ್ವಜನಿಕ ಆಸ್ಪತ್ರೆಗೆ ಭೇಟಿ ನೀಡಬೇಕು. ರೋಗ ಲಕ್ಷಣಗಳು ಉಲ್ಬಣಗೊಂಡರೆ ಅಥವಾ ದೀರ್ಘಕಾಲದವರೆಗೆ ಇದ್ದರೆ ತಕ್ಷಣ ವೈದ್ಯಕೀಯ ಸಹಾಯ ಪಡೆಯಿರಿ. ವ್ಯಕ್ತಿಯನ್ನು ಸ್ಥಳಾಂತರಿಸುವಾಗ ಅವರ ದೇಹದ ಉಷ್ಣತೆ ಕಡಿಮೆ ಮಾಡಲು ಪ್ರಯತ್ನಿಸಬೇಕು. ಬೇಸಿಗೆ ಕಾಲದಲ್ಲಿ ಅತಿ ಹೆಚ್ಚು ತಾಪಮಾನದಿಂದ ಉಂಟಾಗುವ ಅಪಾಯಗಳ ಬಗ್ಗೆ ಎಚ್ಚರಿಕೆಯಿಂದ ಇರಬೇಕು ಎಂದು ಜಿಲ್ಲಾ ವಿಪತ್ತು ನಿರ್ವಹಣಾ ಪ್ರಾಧಿಕಾರದ ಅಧ್ಯಕ್ಷರೂ ಆದ ಜಿಲ್ಲಾಧಿಕಾರಿ ಶುಭ ಕಲ್ಯಾಣ್ ತಿಳಿಸಿದ್ದಾರೆ.
